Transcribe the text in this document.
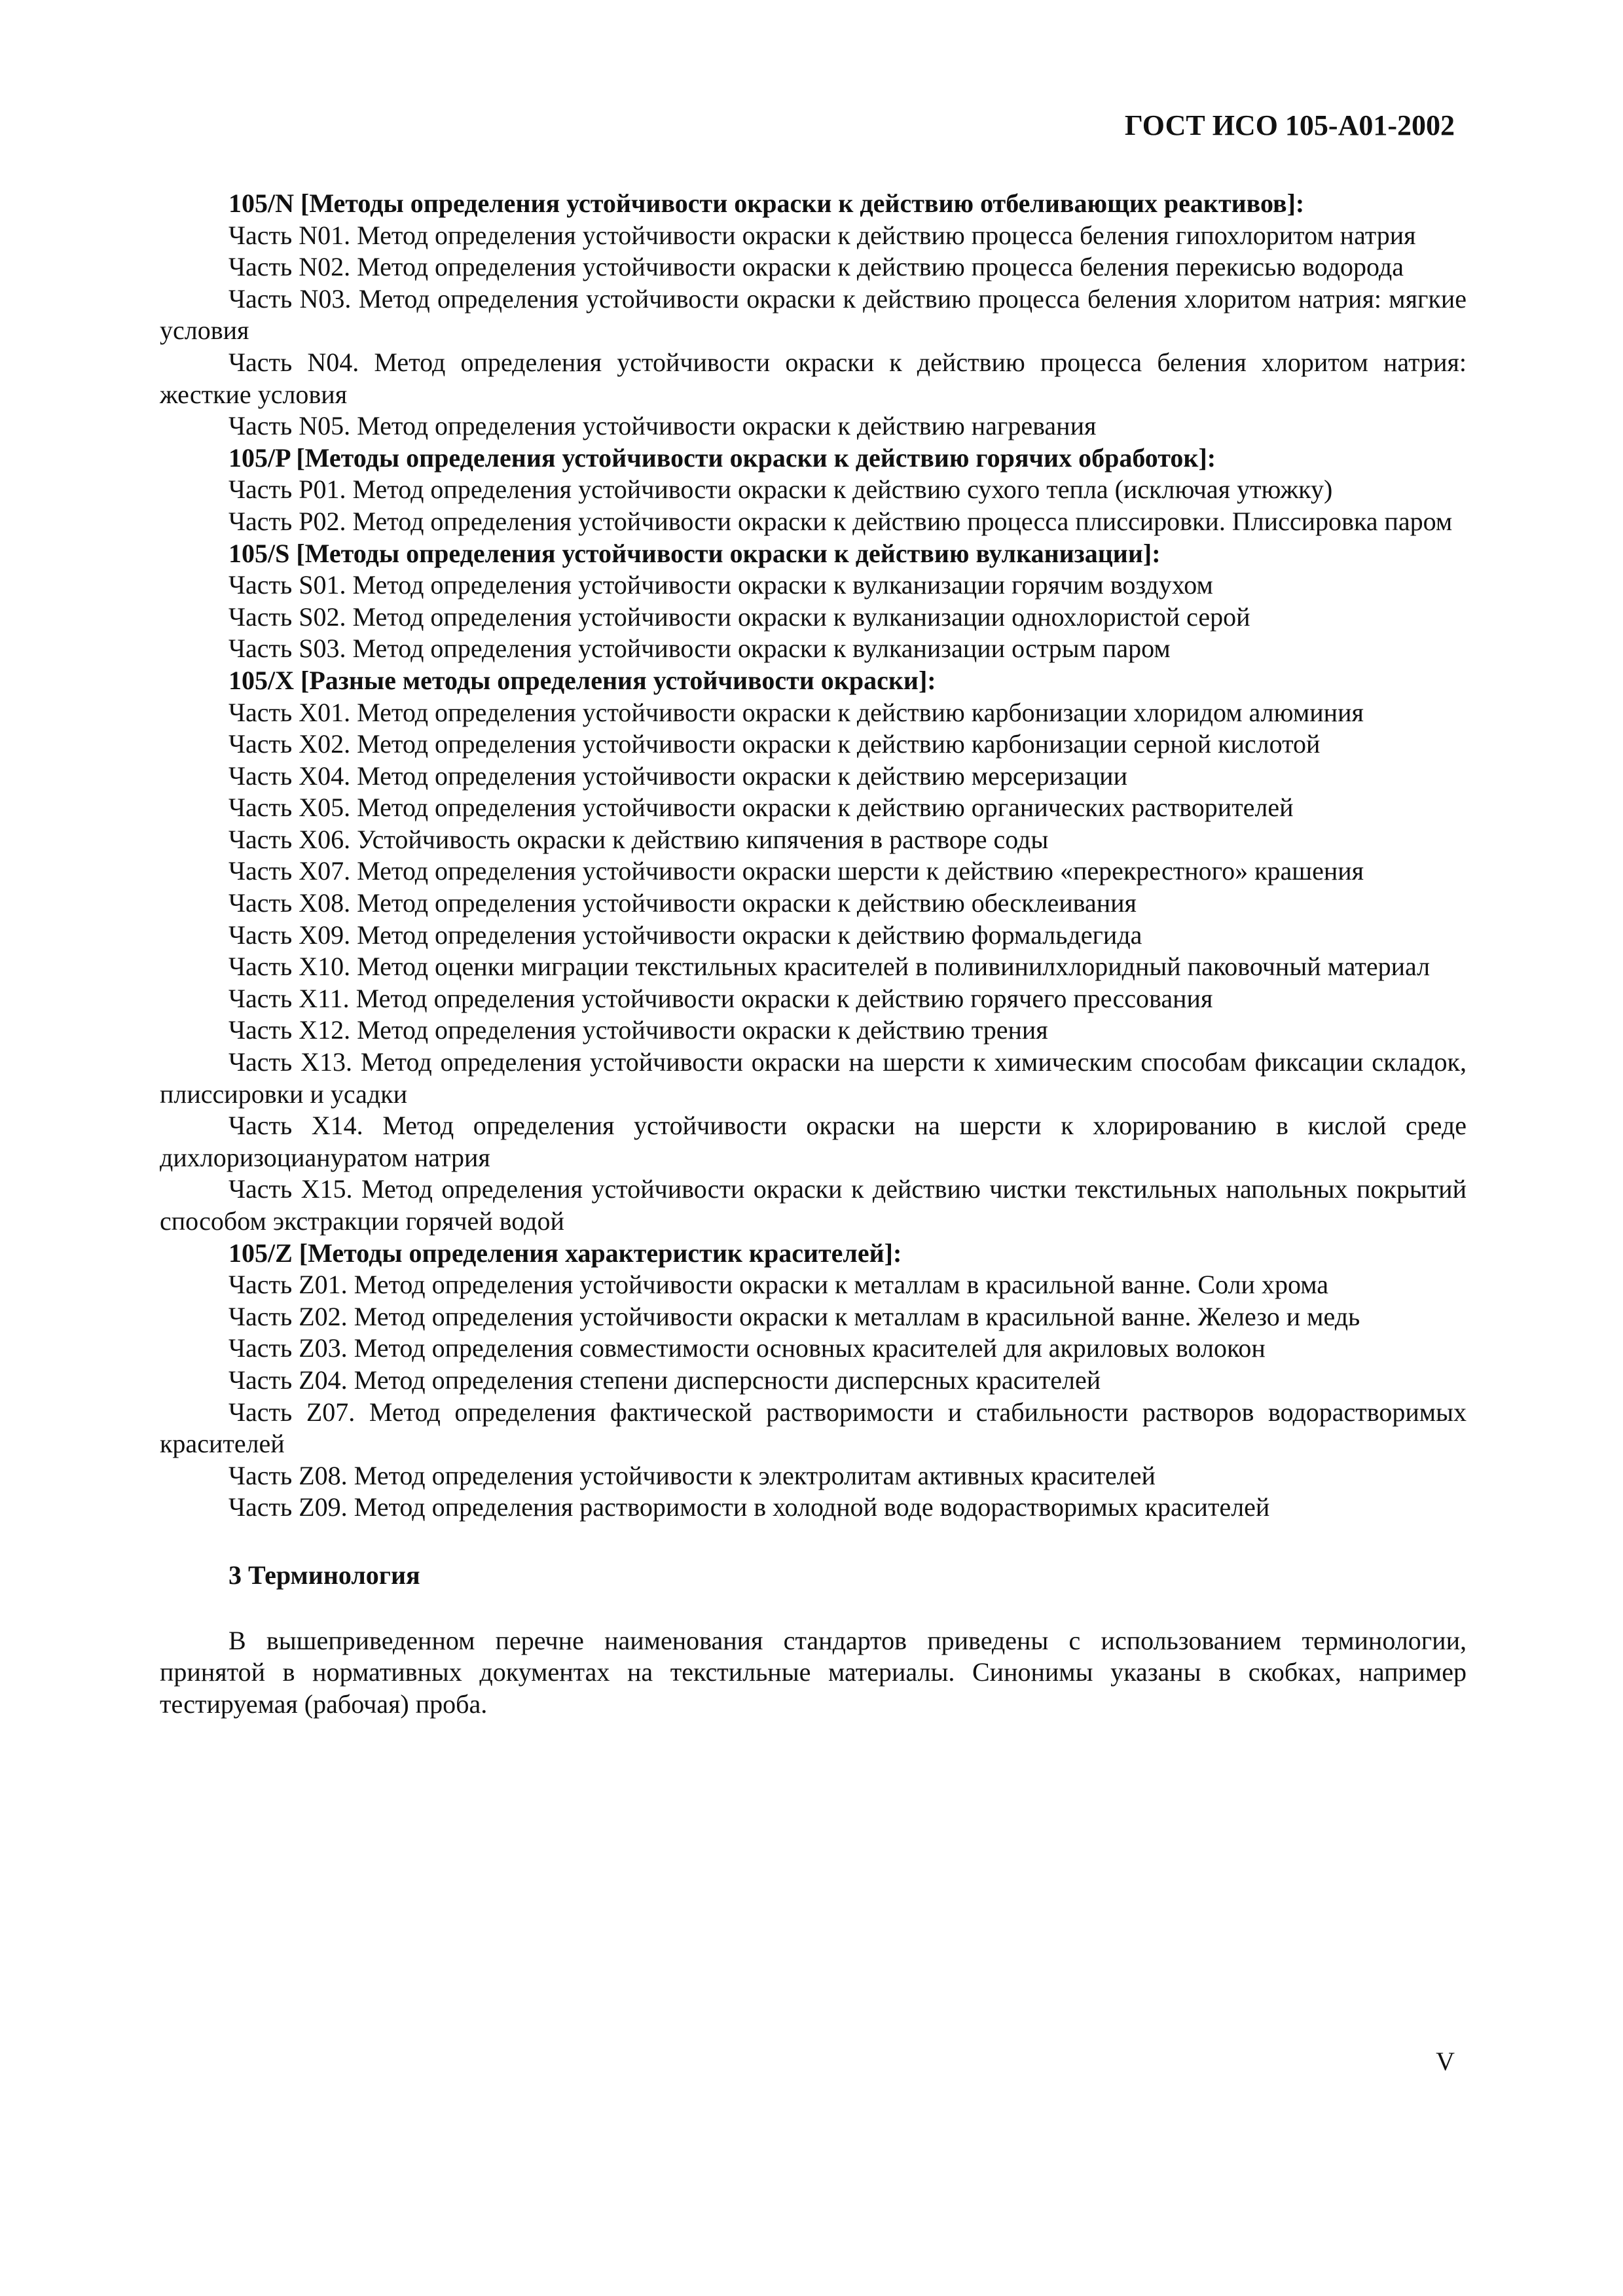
ГОСТ ИСО 105-А01-2002
105/N [Методы определения устойчивости окраски к действию отбеливающих реактивов]:

Часть N01. Метод определения устойчивости окраски к действию процесса беления гипохлоритом натрия

Часть N02. Метод определения устойчивости окраски к действию процесса беления перекисью водорода

Часть N03. Метод определения устойчивости окраски к действию процесса беления хлоритом натрия: мягкие условия

Часть N04. Метод определения устойчивости окраски к действию процесса беления хлоритом натрия: жесткие условия

Часть N05. Метод определения устойчивости окраски к действию нагревания

105/P [Методы определения устойчивости окраски к действию горячих обработок]:

Часть P01. Метод определения устойчивости окраски к действию сухого тепла (исключая утюжку)

Часть P02. Метод определения устойчивости окраски к действию процесса плиссировки. Плиссировка паром

105/S [Методы определения устойчивости окраски к действию вулканизации]:

Часть S01. Метод определения устойчивости окраски к вулканизации горячим воздухом

Часть S02. Метод определения устойчивости окраски к вулканизации однохлористой серой

Часть S03. Метод определения устойчивости окраски к вулканизации острым паром

105/X [Разные методы определения устойчивости окраски]:

Часть X01. Метод определения устойчивости окраски к действию карбонизации хлоридом алюминия

Часть X02. Метод определения устойчивости окраски к действию карбонизации серной кислотой

Часть X04. Метод определения устойчивости окраски к действию мерсеризации

Часть X05. Метод определения устойчивости окраски к действию органических растворителей

Часть X06. Устойчивость окраски к действию кипячения в растворе соды

Часть X07. Метод определения устойчивости окраски шерсти к действию «перекрестного» крашения

Часть X08. Метод определения устойчивости окраски к действию обесклеивания

Часть X09. Метод определения устойчивости окраски к действию формальдегида

Часть X10. Метод оценки миграции текстильных красителей в поливинилхлоридный паковочный материал

Часть X11. Метод определения устойчивости окраски к действию горячего прессования

Часть X12. Метод определения устойчивости окраски к действию трения

Часть X13. Метод определения устойчивости окраски на шерсти к химическим способам фиксации складок, плиссировки и усадки

Часть X14. Метод определения устойчивости окраски на шерсти к хлорированию в кислой среде дихлоризоциануратом натрия

Часть X15. Метод определения устойчивости окраски к действию чистки текстильных напольных покрытий способом экстракции горячей водой

105/Z [Методы определения характеристик красителей]:

Часть Z01. Метод определения устойчивости окраски к металлам в красильной ванне. Соли хрома

Часть Z02. Метод определения устойчивости окраски к металлам в красильной ванне. Железо и медь

Часть Z03. Метод определения совместимости основных красителей для акриловых волокон

Часть Z04. Метод определения степени дисперсности дисперсных красителей

Часть Z07. Метод определения фактической растворимости и стабильности растворов водорастворимых красителей

Часть Z08. Метод определения устойчивости к электролитам активных красителей

Часть Z09. Метод определения растворимости в холодной воде водорастворимых красителей

3 Терминология

В вышеприведенном перечне наименования стандартов приведены с использованием терминологии, принятой в нормативных документах на текстильные материалы. Синонимы указаны в скобках, например тестируемая (рабочая) проба.

V
